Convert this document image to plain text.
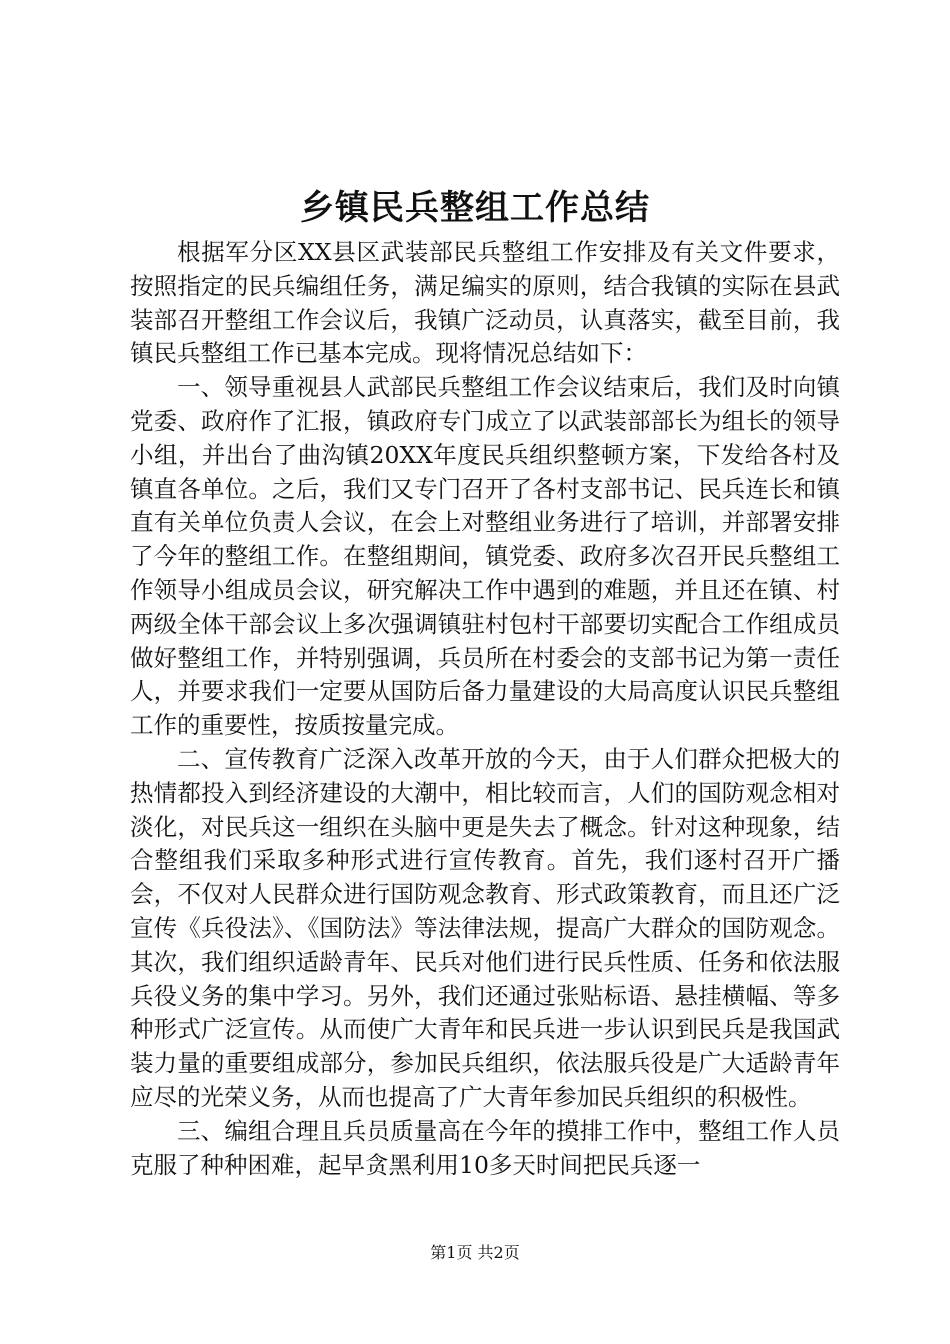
乡镇民兵整组工作总结

根据军分区XX县区武装部民兵整组工作安排及有关文件要求，按照指定的民兵编组任务，满足编实的原则，结合我镇的实际在县武装部召开整组工作会议后，我镇广泛动员，认真落实，截至目前，我镇民兵整组工作已基本完成。现将情况总结如下：

一、领导重视县人武部民兵整组工作会议结束后，我们及时向镇党委、政府作了汇报，镇政府专门成立了以武装部部长为组长的领导小组，并出台了曲沟镇20XX年度民兵组织整顿方案，下发给各村及镇直各单位。之后，我们又专门召开了各村支部书记、民兵连长和镇直有关单位负责人会议，在会上对整组业务进行了培训，并部署安排了今年的整组工作。在整组期间，镇党委、政府多次召开民兵整组工作领导小组成员会议，研究解决工作中遇到的难题，并且还在镇、村两级全体干部会议上多次强调镇驻村包村干部要切实配合工作组成员做好整组工作，并特别强调，兵员所在村委会的支部书记为第一责任人，并要求我们一定要从国防后备力量建设的大局高度认识民兵整组工作的重要性，按质按量完成。

二、宣传教育广泛深入改革开放的今天，由于人们群众把极大的热情都投入到经济建设的大潮中，相比较而言，人们的国防观念相对淡化，对民兵这一组织在头脑中更是失去了概念。针对这种现象，结合整组我们采取多种形式进行宣传教育。首先，我们逐村召开广播会，不仅对人民群众进行国防观念教育、形式政策教育，而且还广泛宣传《兵役法》、《国防法》等法律法规，提高广大群众的国防观念。其次，我们组织适龄青年、民兵对他们进行民兵性质、任务和依法服兵役义务的集中学习。另外，我们还通过张贴标语、悬挂横幅、等多种形式广泛宣传。从而使广大青年和民兵进一步认识到民兵是我国武装力量的重要组成部分，参加民兵组织，依法服兵役是广大适龄青年应尽的光荣义务，从而也提高了广大青年参加民兵组织的积极性。

三、编组合理且兵员质量高在今年的摸排工作中，整组工作人员克服了种种困难，起早贪黑利用10多天时间把民兵逐一

第1页 共2页
